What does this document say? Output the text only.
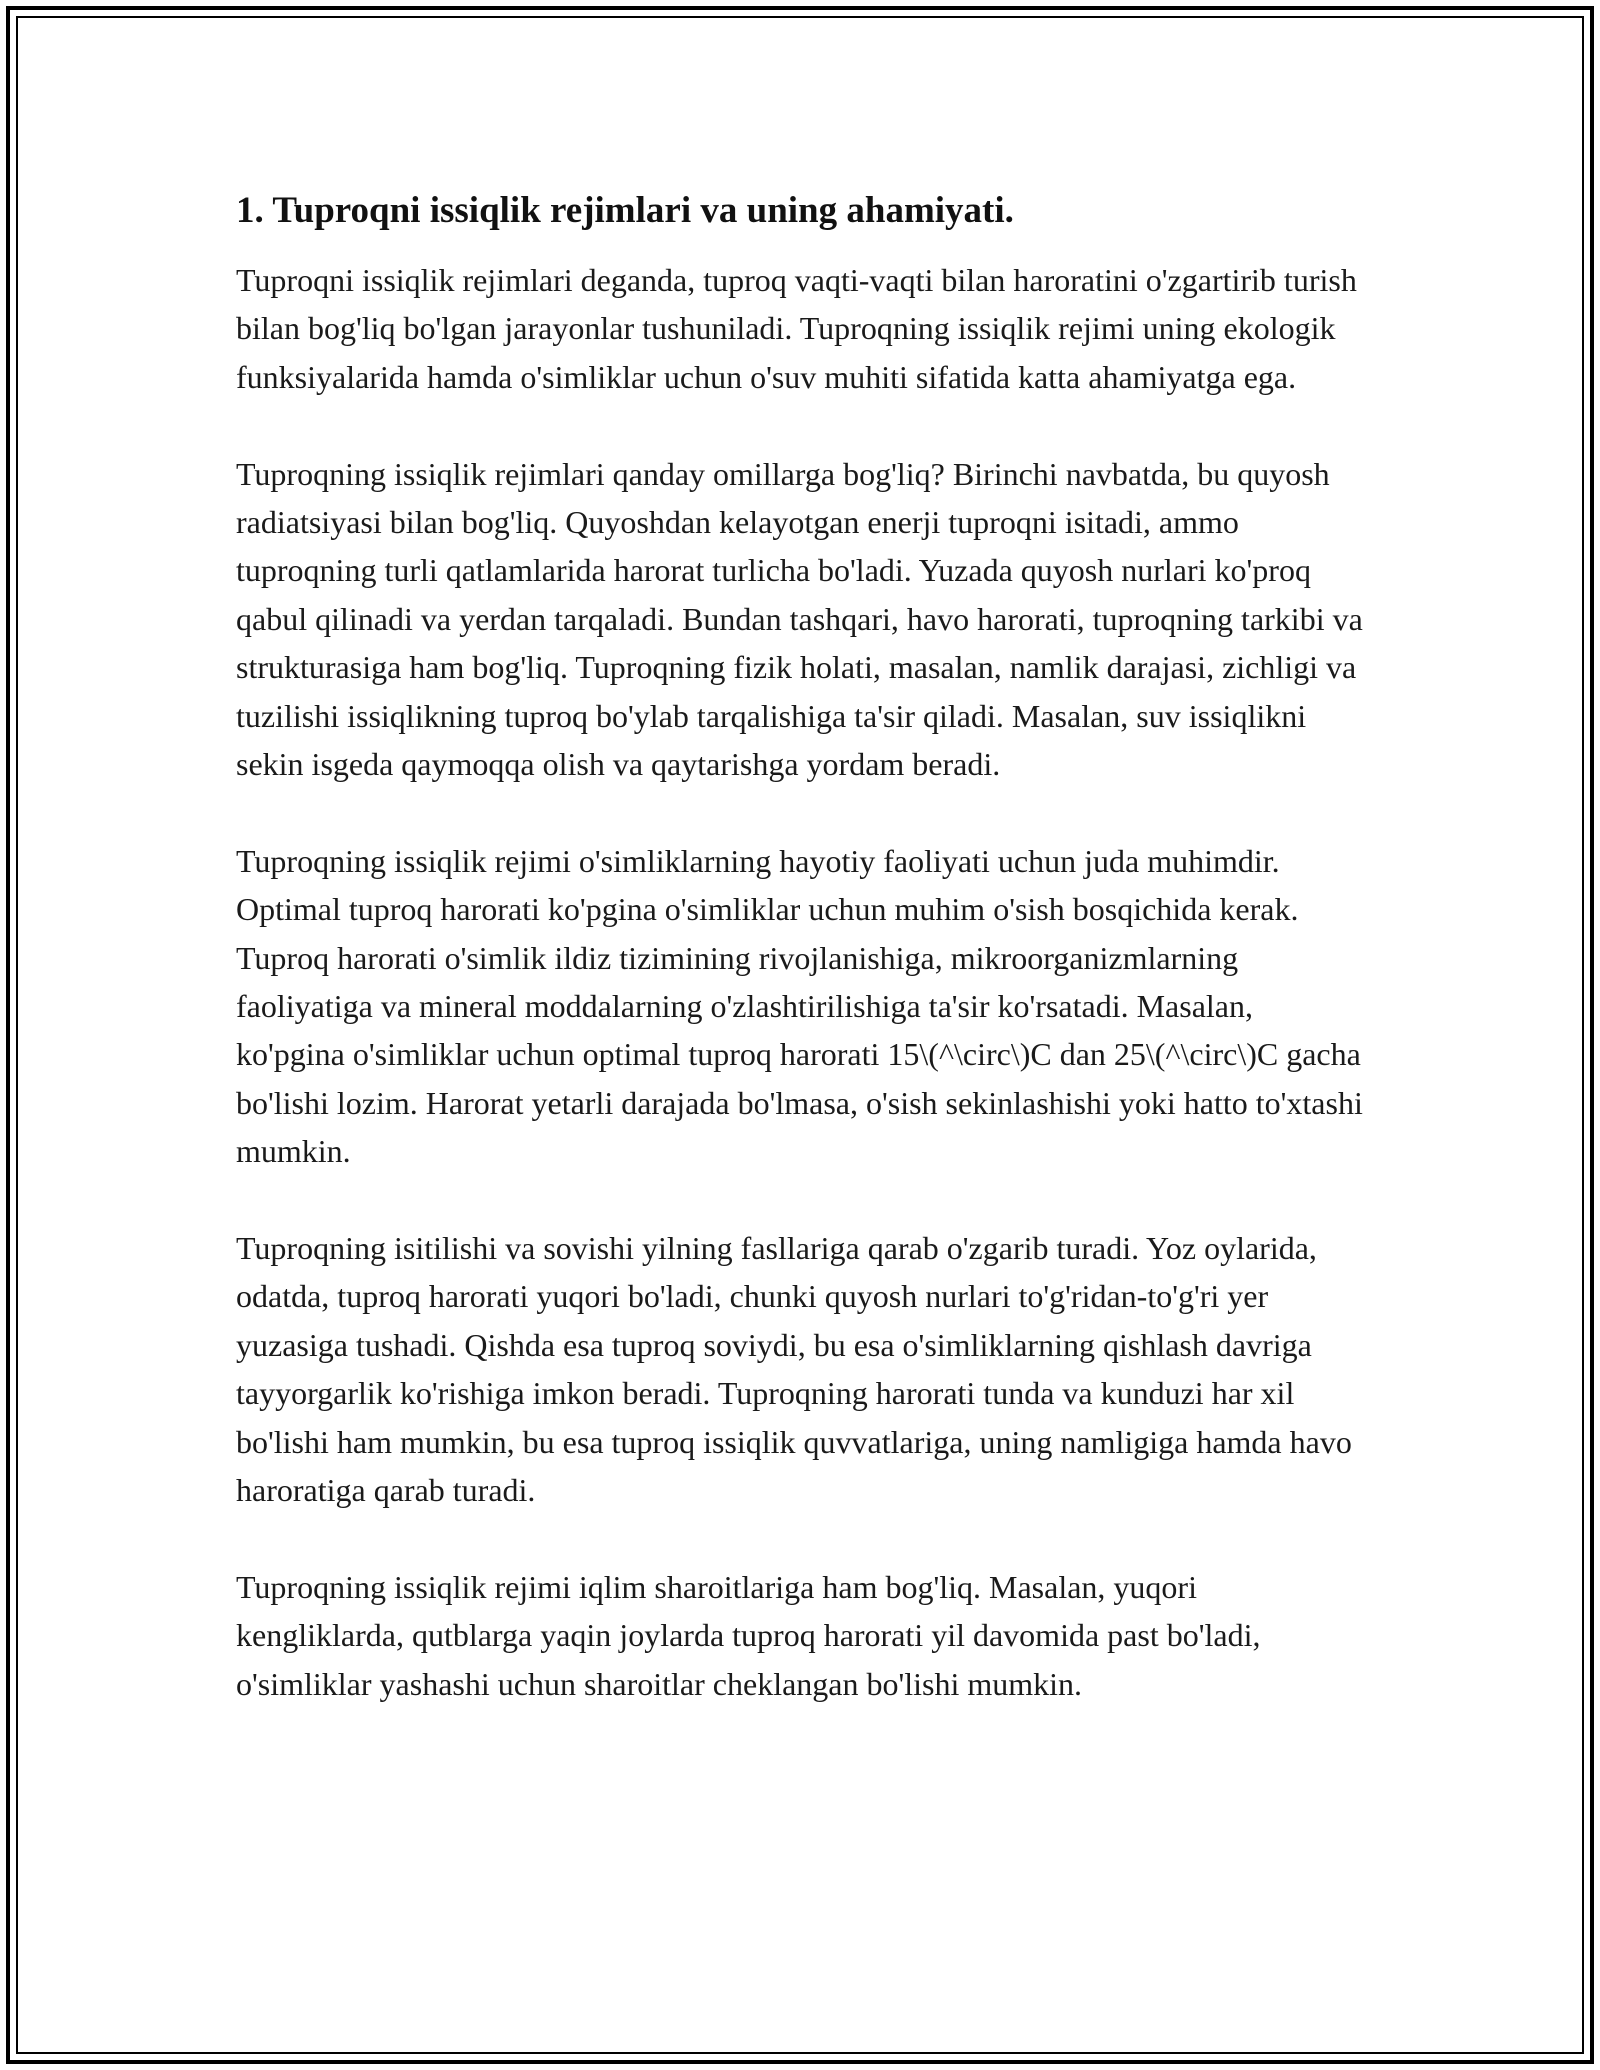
1. Tuproqni issiqlik rejimlari va uning ahamiyati.

Tuproqni issiqlik rejimlari deganda, tuproq vaqti-vaqti bilan haroratini o'zgartirib turish bilan bog'liq bo'lgan jarayonlar tushuniladi. Tuproqning issiqlik rejimi uning ekologik funksiyalarida hamda o'simliklar uchun o'suv muhiti sifatida katta ahamiyatga ega.

Tuproqning issiqlik rejimlari qanday omillarga bog'liq? Birinchi navbatda, bu quyosh radiatsiyasi bilan bog'liq. Quyoshdan kelayotgan enerji tuproqni isitadi, ammo tuproqning turli qatlamlarida harorat turlicha bo'ladi. Yuzada quyosh nurlari ko'proq qabul qilinadi va yerdan tarqaladi. Bundan tashqari, havo harorati, tuproqning tarkibi va strukturasiga ham bog'liq. Tuproqning fizik holati, masalan, namlik darajasi, zichligi va tuzilishi issiqlikning tuproq bo'ylab tarqalishiga ta'sir qiladi. Masalan, suv issiqlikni sekin isgeda qaymoqqa olish va qaytarishga yordam beradi.

Tuproqning issiqlik rejimi o'simliklarning hayotiy faoliyati uchun juda muhimdir. Optimal tuproq harorati ko'pgina o'simliklar uchun muhim o'sish bosqichida kerak. Tuproq harorati o'simlik ildiz tizimining rivojlanishiga, mikroorganizmlarning faoliyatiga va mineral moddalarning o'zlashtirilishiga ta'sir ko'rsatadi. Masalan, ko'pgina o'simliklar uchun optimal tuproq harorati 15\(^\circ\)C dan 25\(^\circ\)C gacha bo'lishi lozim. Harorat yetarli darajada bo'lmasa, o'sish sekinlashishi yoki hatto to'xtashi mumkin.

Tuproqning isitilishi va sovishi yilning fasllariga qarab o'zgarib turadi. Yoz oylarida, odatda, tuproq harorati yuqori bo'ladi, chunki quyosh nurlari to'g'ridan-to'g'ri yer yuzasiga tushadi. Qishda esa tuproq soviydi, bu esa o'simliklarning qishlash davriga tayyorgarlik ko'rishiga imkon beradi. Tuproqning harorati tunda va kunduzi har xil bo'lishi ham mumkin, bu esa tuproq issiqlik quvvatlariga, uning namligiga hamda havo haroratiga qarab turadi.

Tuproqning issiqlik rejimi iqlim sharoitlariga ham bog'liq. Masalan, yuqori kengliklarda, qutblarga yaqin joylarda tuproq harorati yil davomida past bo'ladi, o'simliklar yashashi uchun sharoitlar cheklangan bo'lishi mumkin.
